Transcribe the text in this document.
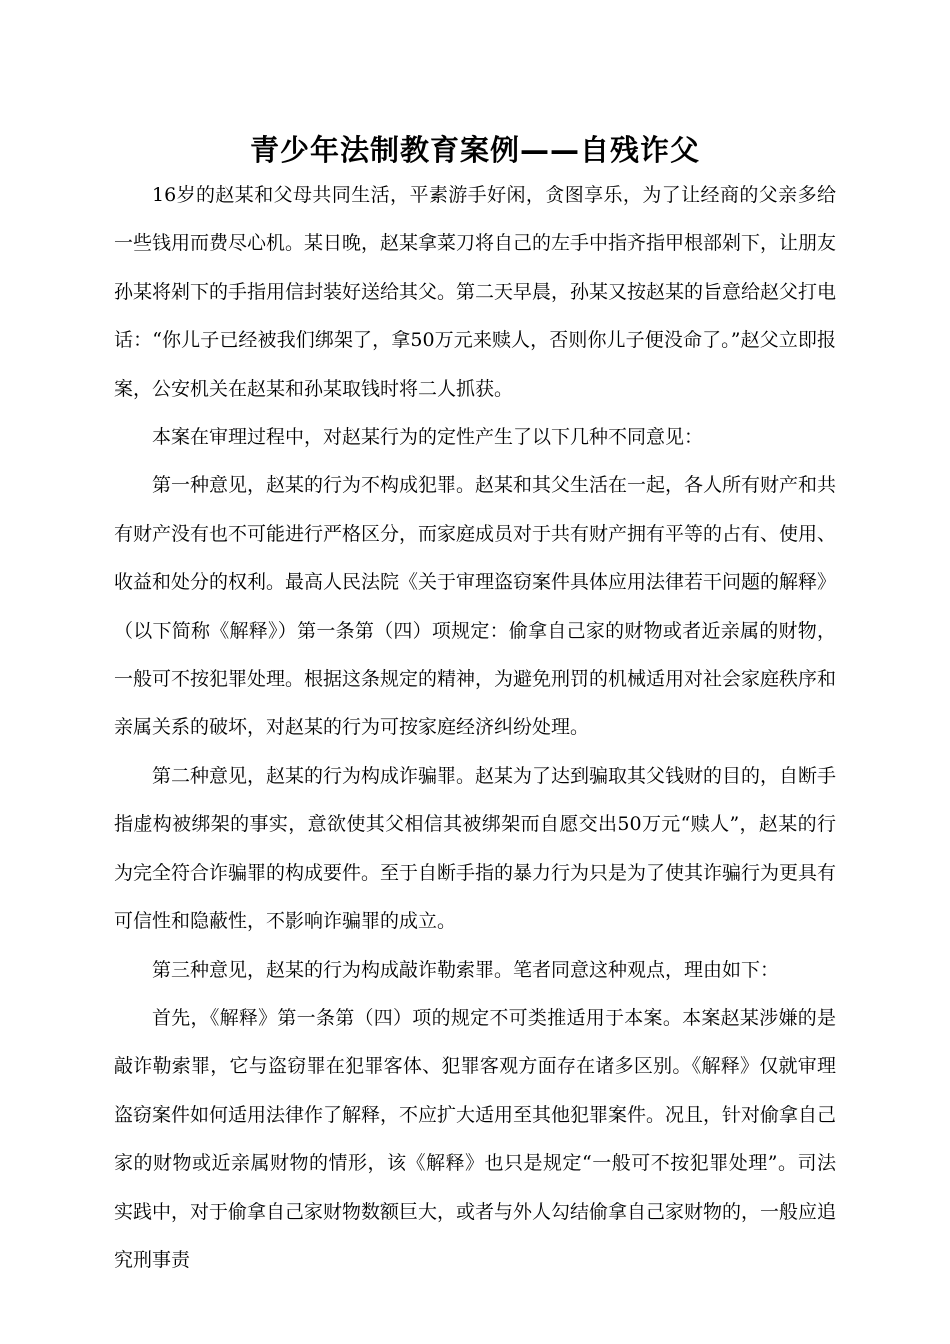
青少年法制教育案例——自残诈父

16岁的赵某和父母共同生活，平素游手好闲，贪图享乐，为了让经商的父亲多给一些钱用而费尽心机。某日晚，赵某拿菜刀将自己的左手中指齐指甲根部剁下，让朋友孙某将剁下的手指用信封装好送给其父。第二天早晨，孙某又按赵某的旨意给赵父打电话：“你儿子已经被我们绑架了，拿50万元来赎人，否则你儿子便没命了。”赵父立即报案，公安机关在赵某和孙某取钱时将二人抓获。

本案在审理过程中，对赵某行为的定性产生了以下几种不同意见：

第一种意见，赵某的行为不构成犯罪。赵某和其父生活在一起，各人所有财产和共有财产没有也不可能进行严格区分，而家庭成员对于共有财产拥有平等的占有、使用、收益和处分的权利。最高人民法院《关于审理盗窃案件具体应用法律若干问题的解释》（以下简称《解释》）第一条第（四）项规定：偷拿自己家的财物或者近亲属的财物，一般可不按犯罪处理。根据这条规定的精神，为避免刑罚的机械适用对社会家庭秩序和亲属关系的破坏，对赵某的行为可按家庭经济纠纷处理。

第二种意见，赵某的行为构成诈骗罪。赵某为了达到骗取其父钱财的目的，自断手指虚构被绑架的事实，意欲使其父相信其被绑架而自愿交出50万元“赎人”，赵某的行为完全符合诈骗罪的构成要件。至于自断手指的暴力行为只是为了使其诈骗行为更具有可信性和隐蔽性，不影响诈骗罪的成立。

第三种意见，赵某的行为构成敲诈勒索罪。笔者同意这种观点，理由如下：

首先，《解释》第一条第（四）项的规定不可类推适用于本案。本案赵某涉嫌的是敲诈勒索罪，它与盗窃罪在犯罪客体、犯罪客观方面存在诸多区别。《解释》仅就审理盗窃案件如何适用法律作了解释，不应扩大适用至其他犯罪案件。况且，针对偷拿自己家的财物或近亲属财物的情形，该《解释》也只是规定“一般可不按犯罪处理”。司法实践中，对于偷拿自己家财物数额巨大，或者与外人勾结偷拿自己家财物的，一般应追究刑事责
